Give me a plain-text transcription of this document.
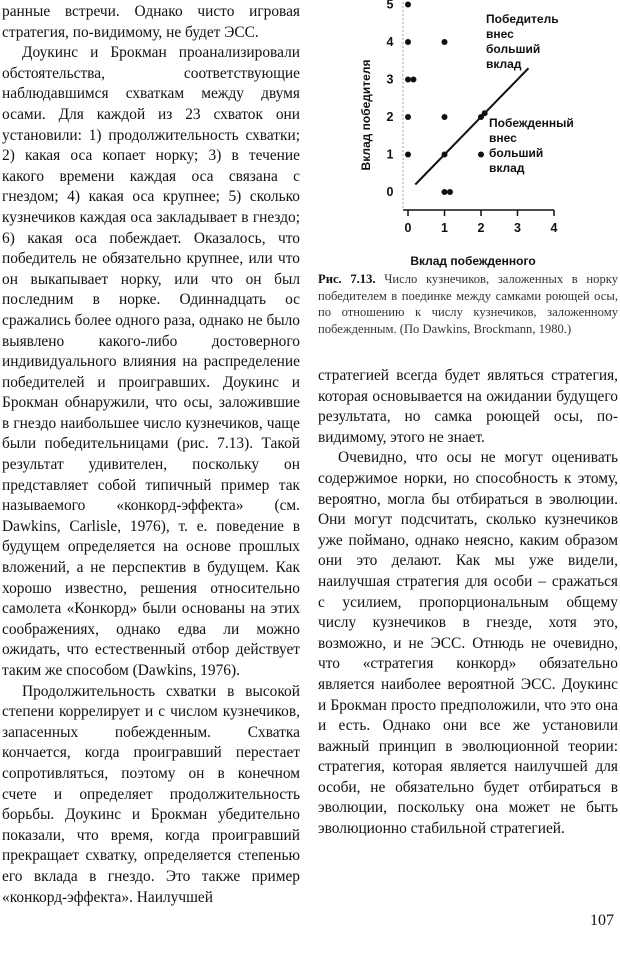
ранные встречи. Однако чисто игровая стратегия, по-видимому, не будет ЭСС.

Доукинс и Брокман проанализировали обстоятельства, соответствующие наблюдавшимся схваткам между двумя осами. Для каждой из 23 схваток они установили: 1) продолжительность схватки; 2) какая оса копает норку; 3) в течение какого времени каждая оса связана с гнездом; 4) какая оса крупнее; 5) сколько кузнечиков каждая оса закладывает в гнездо; 6) какая оса побеждает. Оказалось, что победитель не обязательно крупнее, или что он выкапывает норку, или что он был последним в норке. Одиннадцать ос сражались более одного раза, однако не было выявлено какого-либо достоверного индивидуального влияния на распределение победителей и проигравших. Доукинс и Брокман обнаружили, что осы, заложившие в гнездо наибольшее число кузнечиков, чаще были победительницами (рис. 7.13). Такой результат удивителен, поскольку он представляет собой типичный пример так называемого «конкорд-эффекта» (см. Dawkins, Carlisle, 1976), т. е. поведение в будущем определяется на основе прошлых вложений, а не перспектив в будущем. Как хорошо известно, решения относительно самолета «Конкорд» были основаны на этих соображениях, однако едва ли можно ожидать, что естественный отбор действует таким же способом (Dawkins, 1976).

Продолжительность схватки в высокой степени коррелирует и с числом кузнечиков, запасенных побежденным. Схватка кончается, когда проигравший перестает сопротивляться, поэтому он в конечном счете и определяет продолжительность борьбы. Доукинс и Брокман убедительно показали, что время, когда проигравший прекращает схватку, определяется степенью его вклада в гнездо. Это также пример «конкорд-эффекта». Наилучшей

0 1 2 3 4
0
1
2
3
4
5
Вклад победителя
Вклад побежденного
Победитель
внес
больший
вклад
Побежденный
внес
больший
вклад
Рис. 7.13. Число кузнечиков, заложенных в норку победителем в поединке между самками роющей осы, по отношению к числу кузнечиков, заложенному побежденным. (По Dawkins, Brockmann, 1980.)

стратегией всегда будет являться стратегия, которая основывается на ожидании будущего результата, но самка роющей осы, по-видимому, этого не знает.

Очевидно, что осы не могут оценивать содержимое норки, но способность к этому, вероятно, могла бы отбираться в эволюции. Они могут подсчитать, сколько кузнечиков уже поймано, однако неясно, каким образом они это делают. Как мы уже видели, наилучшая стратегия для особи – сражаться с усилием, пропорциональным общему числу кузнечиков в гнезде, хотя это, возможно, и не ЭСС. Отнюдь не очевидно, что «стратегия конкорд» обязательно является наиболее вероятной ЭСС. Доукинс и Брокман просто предположили, что это она и есть. Однако они все же установили важный принцип в эволюционной теории: стратегия, которая является наилучшей для особи, не обязательно будет отбираться в эволюции, поскольку она может не быть эволюционно стабильной стратегией.

107
